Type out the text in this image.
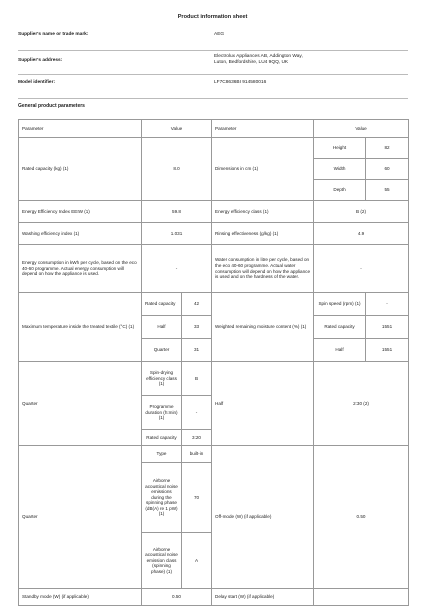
Product information sheet
Supplier's name or trade mark:	AEG
Supplier's address:
Electrolux Appliances AB, Addington Way,
Luton, Bedfordshire, LU4 9QQ, UK
Model identifier:	LF7C8636BI 914580016
General product parameters
Parameter	Value		Parameter	Value	
Rated capacity (kg) (1)	8.0		Dimensions in cm (1)	Height	82
				Width	60
				Depth	55
Energy Efficiency Index EEIW (1)	59.8		Energy efficiency class (1)	B (2)	
Washing efficiency index (1)	1.031		Rinsing effectiveness (g/kg) (1)	4.9	
Energy consumption in kWh per cycle, based on the eco 40-60 programme. Actual energy consumption will depend on how the appliance is used.	-		Water consumption in litre per cycle, based on the eco 40-60 programme. Actual water consumption will depend on how the appliance is used and on the hardness of the water.	-	
Maximum temperature inside the treated textile (°C) (1)	Rated capacity	42	Weighted remaining moisture content (%) (1)	Spin speed (rpm) (1)	-
	Half	33		Rated capacity	1551
	Quarter	31		Half	1551
Quarter	Spin-drying efficiency class (1)	B	Half	2:30 (2)	
	Programme duration (h:min) (1)	-			
	Rated capacity	3:20			
Quarter	Type	built-in	Off-mode (W) (if applicable)	0.50	
	Airborne acoustical noise emissions during the spinning phase (dB(A) re 1 pW) (1)	70			
	Airborne acoustical noise emission class (spinning phase) (1)	A			
Standby mode (W) (if applicable)	0.50		Delay start (W) (if applicable)		
